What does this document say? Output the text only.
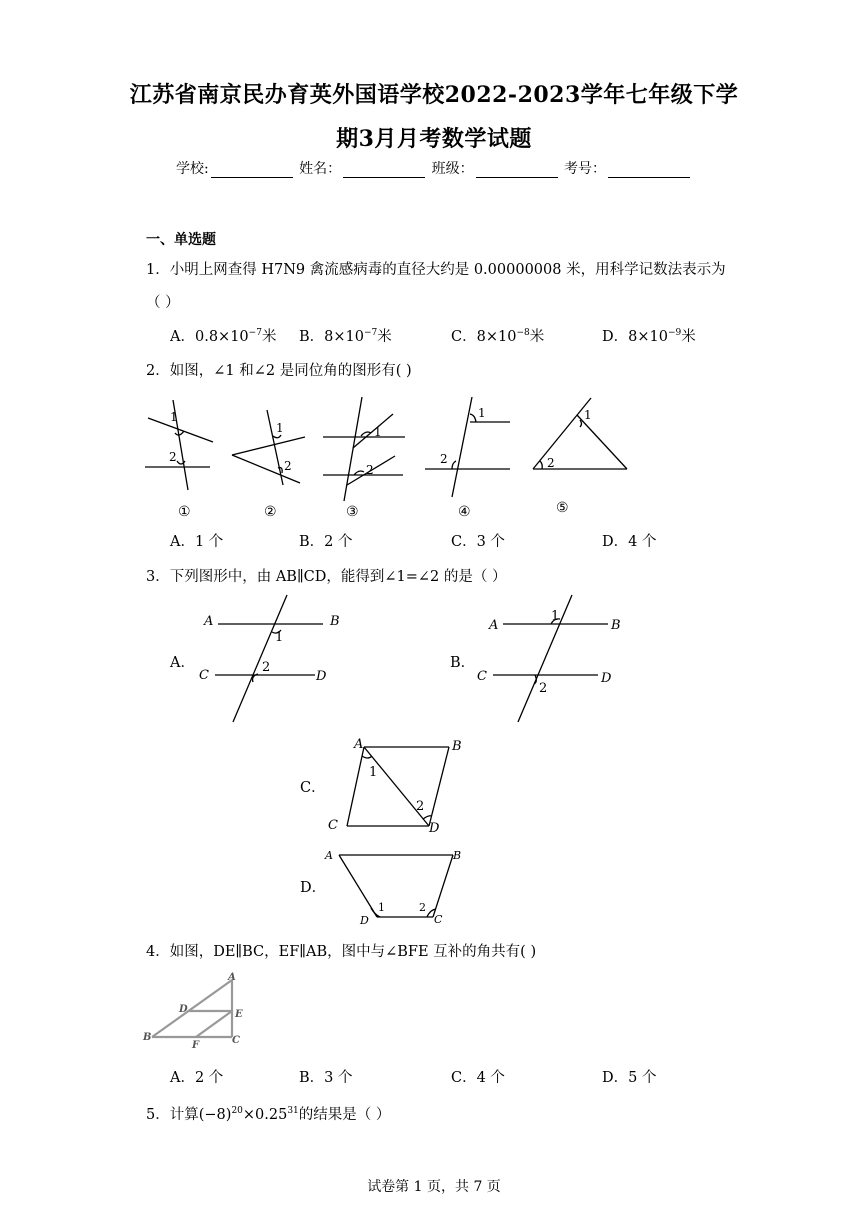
江苏省南京民办育英外国语学校2022-2023学年七年级下学
期3月月考数学试题
学校:	姓名：	班级：	考号：
一、单选题
1．小明上网查得 H7N9 禽流感病毒的直径大约是 0.00000008 米，用科学记数法表示为
（ ）
A．$0.8\times 10^{-7}$米 B．$8\times 10^{-7}$米	C．$8\times 10^{-8}$米	D．$8\times 10^{-9}$米
2．如图，∠1 和∠2 是同位角的图形有( )
1
2
1
2
1
2
1
2
1
2
①	②	③	④	⑤
A．1 个	B．2 个	C．3 个	D．4 个
3．下列图形中，由 AB∥CD，能得到∠1=∠2 的是（ ）
A．
A	B
C	D
1
2	B．
A	B
C	D
1
2
C．
A	B
C	D
1
2
D．
A	B
D	C
1	2
4．如图，DE∥BC，EF∥AB，图中与∠BFE 互补的角共有( )
A
B	C
D	E
F
A．2 个	B．3 个	C．4 个	D．5 个
5．计算$(-8)^{20}\times 0.25^{31}$的结果是（ ）
试卷第 1 页，共 7 页
